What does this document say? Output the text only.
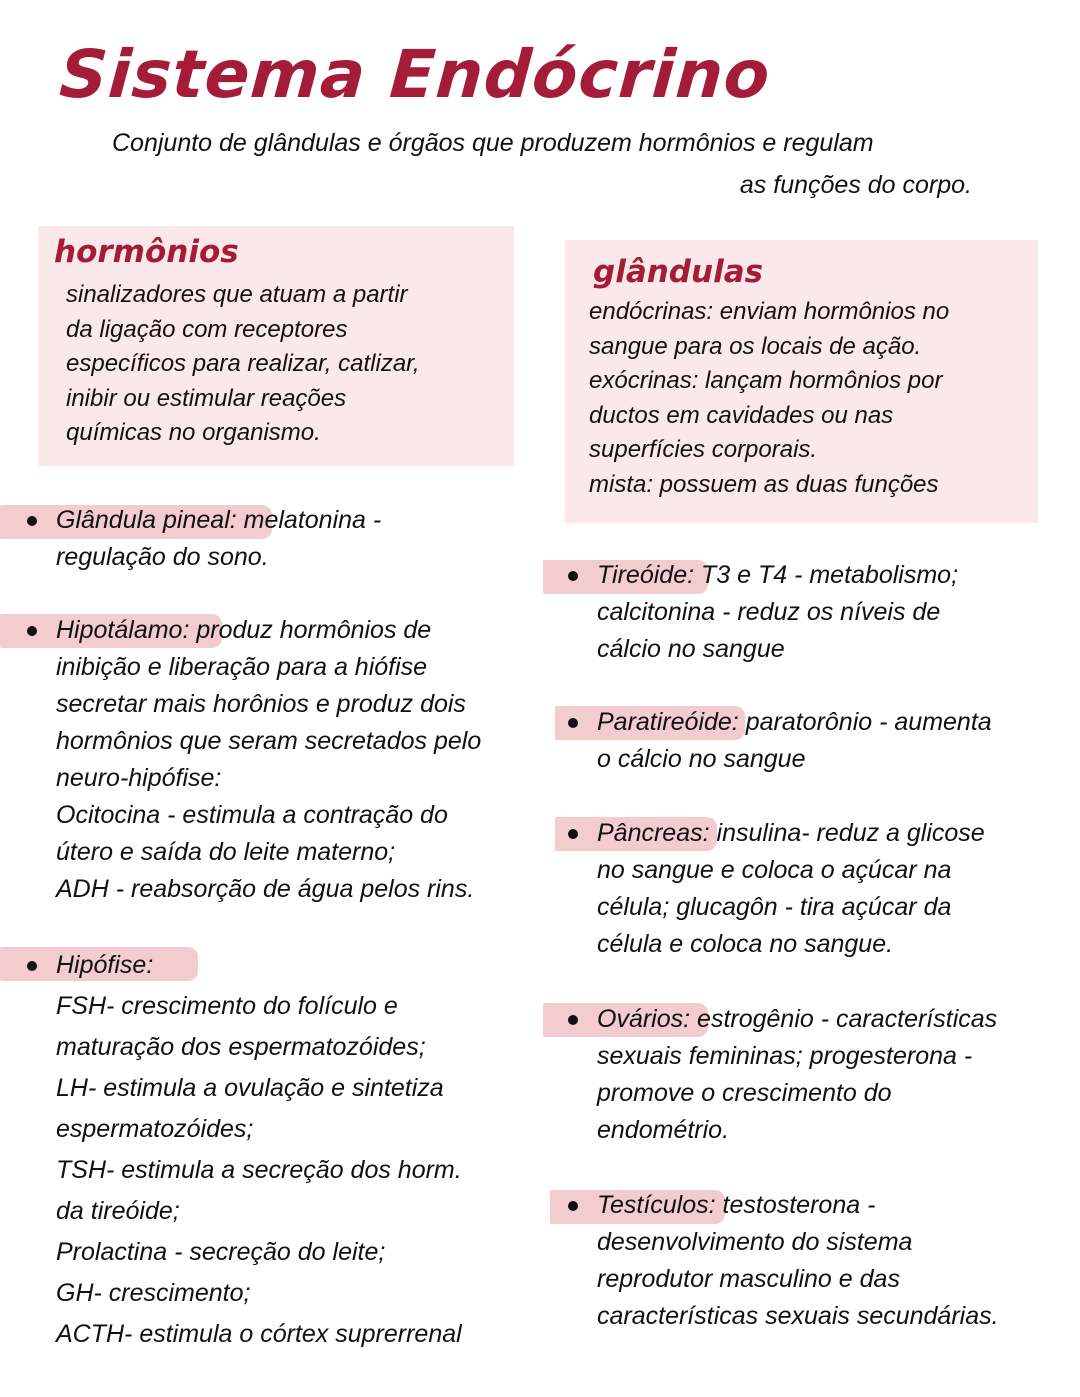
Sistema Endócrino
Conjunto de glândulas e órgãos que produzem hormônios e regulam
as funções do corpo.
hormônios
sinalizadores que atuam a partir
da ligação com receptores
específicos para realizar, catlizar,
inibir ou estimular reações
químicas no organismo.
glândulas
endócrinas: enviam hormônios no
sangue para os locais de ação.
exócrinas: lançam hormônios por
ductos em cavidades ou nas
superfícies corporais.
mista: possuem as duas funções
Glândula pineal: melatonina -
regulação do sono.
Hipotálamo: produz hormônios de
inibição e liberação para a hiófise
secretar mais horônios e produz dois
hormônios que seram secretados pelo
neuro-hipófise:
Ocitocina - estimula a contração do
útero e saída do leite materno;
ADH - reabsorção de água pelos rins.
Hipófise:
FSH- crescimento do folículo e
maturação dos espermatozóides;
LH- estimula a ovulação e sintetiza
espermatozóides;
TSH- estimula a secreção dos horm.
da tireóide;
Prolactina - secreção do leite;
GH- crescimento;
ACTH- estimula o córtex suprerrenal
Tireóide: T3 e T4 - metabolismo;
calcitonina - reduz os níveis de
cálcio no sangue
Paratireóide: paratorônio - aumenta
o cálcio no sangue
Pâncreas: insulina- reduz a glicose
no sangue e coloca o açúcar na
célula; glucagôn - tira açúcar da
célula e coloca no sangue.
Ovários: estrogênio - características
sexuais femininas; progesterona -
promove o crescimento do
endométrio.
Testículos: testosterona -
desenvolvimento do sistema
reprodutor masculino e das
características sexuais secundárias.
